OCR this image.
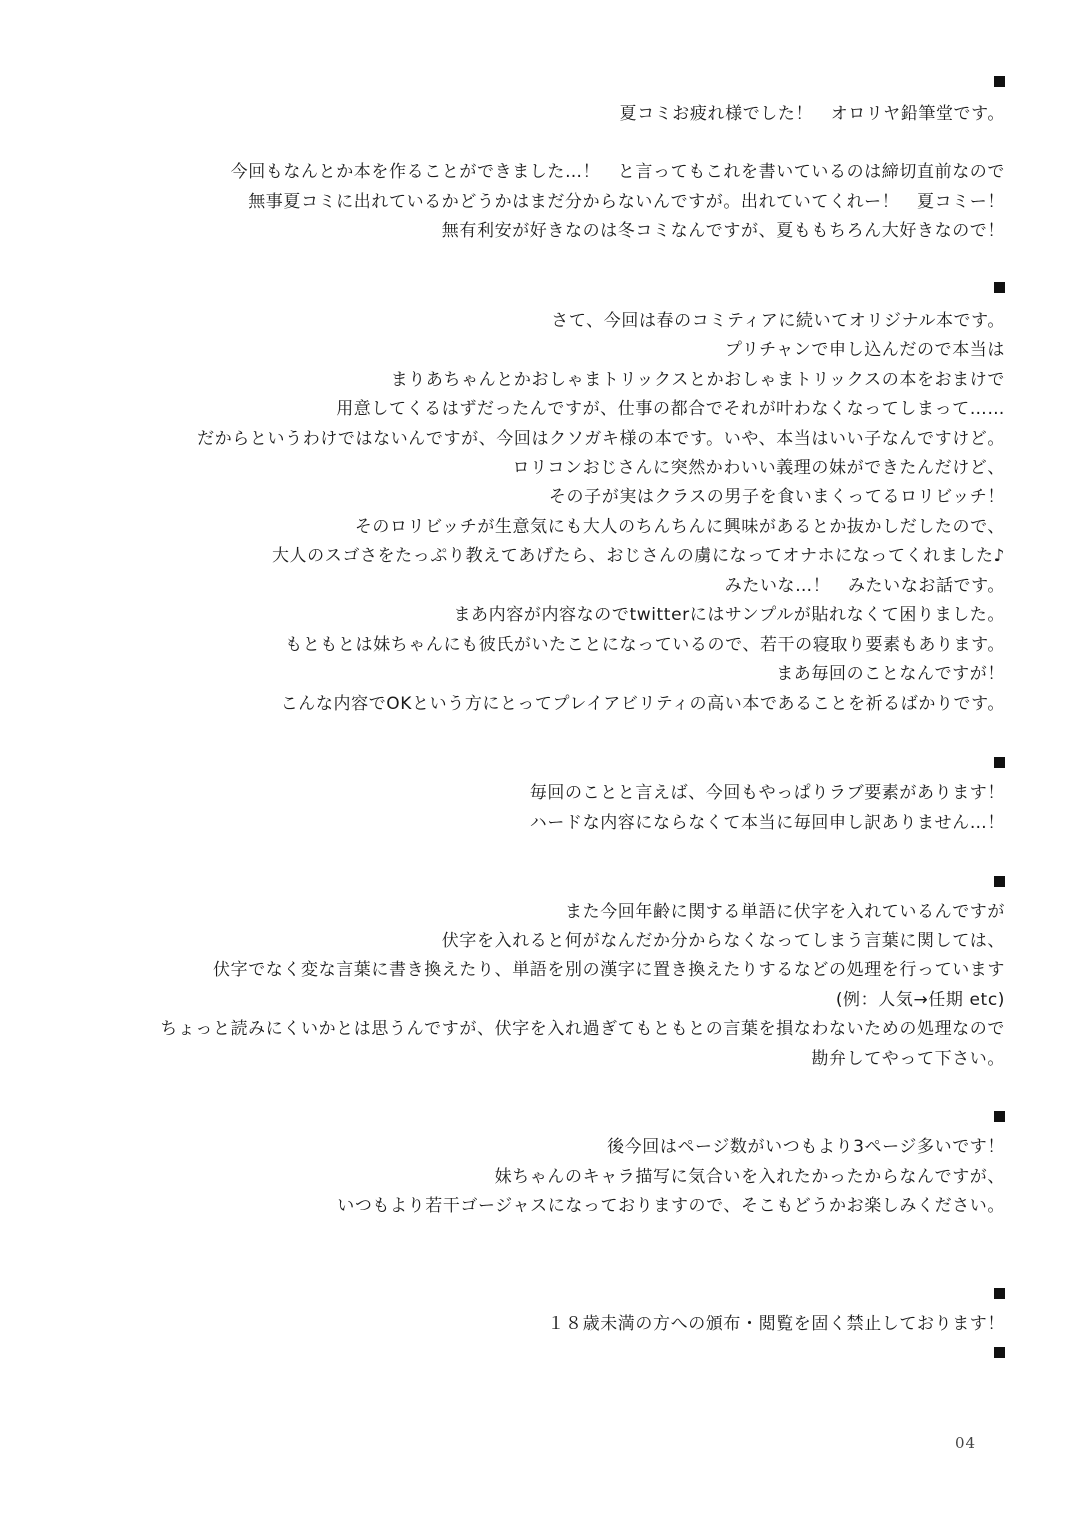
夏コミお疲れ様でした！　オロリヤ鉛筆堂です。
今回もなんとか本を作ることができました…！　と言ってもこれを書いているのは締切直前なので
無事夏コミに出れているかどうかはまだ分からないんですが。出れていてくれー！　夏コミー！
無有利安が好きなのは冬コミなんですが、夏ももちろん大好きなので！
さて、今回は春のコミティアに続いてオリジナル本です。
プリチャンで申し込んだので本当は
まりあちゃんとかおしゃまトリックスとかおしゃまトリックスの本をおまけで
用意してくるはずだったんですが、仕事の都合でそれが叶わなくなってしまって……
だからというわけではないんですが、今回はクソガキ様の本です。いや、本当はいい子なんですけど。
ロリコンおじさんに突然かわいい義理の妹ができたんだけど、
その子が実はクラスの男子を食いまくってるロリビッチ！
そのロリビッチが生意気にも大人のちんちんに興味があるとか抜かしだしたので、
大人のスゴさをたっぷり教えてあげたら、おじさんの虜になってオナホになってくれました♪
みたいな…！　みたいなお話です。
まあ内容が内容なのでtwitterにはサンプルが貼れなくて困りました。
もともとは妹ちゃんにも彼氏がいたことになっているので、若干の寝取り要素もあります。
まあ毎回のことなんですが！
こんな内容でOKという方にとってプレイアビリティの高い本であることを祈るばかりです。
毎回のことと言えば、今回もやっぱりラブ要素があります！
ハードな内容にならなくて本当に毎回申し訳ありません…！
また今回年齢に関する単語に伏字を入れているんですが
伏字を入れると何がなんだか分からなくなってしまう言葉に関しては、
伏字でなく変な言葉に書き換えたり、単語を別の漢字に置き換えたりするなどの処理を行っています
(例：人気→任期 etc)
ちょっと読みにくいかとは思うんですが、伏字を入れ過ぎてもともとの言葉を損なわないための処理なので
勘弁してやって下さい。
後今回はページ数がいつもより3ページ多いです！
妹ちゃんのキャラ描写に気合いを入れたかったからなんですが、
いつもより若干ゴージャスになっておりますので、そこもどうかお楽しみください。
１８歳未満の方への頒布・閲覧を固く禁止しております！
04
